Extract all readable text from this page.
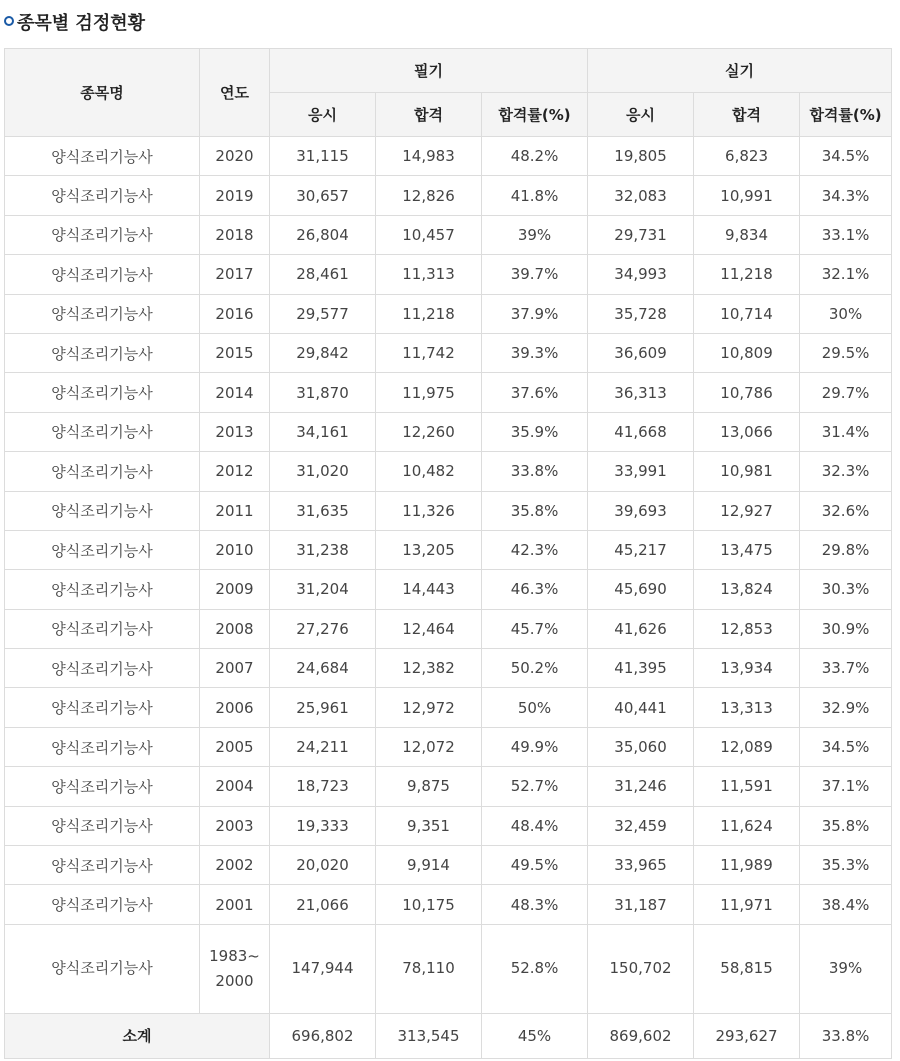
종목별 검정현황
종목명	연도	필기			실기		
		응시	합격	합격률(%)	응시	합격	합격률(%)
양식조리기능사	2020	31,115	14,983	48.2%	19,805	6,823	34.5%
양식조리기능사	2019	30,657	12,826	41.8%	32,083	10,991	34.3%
양식조리기능사	2018	26,804	10,457	39%	29,731	9,834	33.1%
양식조리기능사	2017	28,461	11,313	39.7%	34,993	11,218	32.1%
양식조리기능사	2016	29,577	11,218	37.9%	35,728	10,714	30%
양식조리기능사	2015	29,842	11,742	39.3%	36,609	10,809	29.5%
양식조리기능사	2014	31,870	11,975	37.6%	36,313	10,786	29.7%
양식조리기능사	2013	34,161	12,260	35.9%	41,668	13,066	31.4%
양식조리기능사	2012	31,020	10,482	33.8%	33,991	10,981	32.3%
양식조리기능사	2011	31,635	11,326	35.8%	39,693	12,927	32.6%
양식조리기능사	2010	31,238	13,205	42.3%	45,217	13,475	29.8%
양식조리기능사	2009	31,204	14,443	46.3%	45,690	13,824	30.3%
양식조리기능사	2008	27,276	12,464	45.7%	41,626	12,853	30.9%
양식조리기능사	2007	24,684	12,382	50.2%	41,395	13,934	33.7%
양식조리기능사	2006	25,961	12,972	50%	40,441	13,313	32.9%
양식조리기능사	2005	24,211	12,072	49.9%	35,060	12,089	34.5%
양식조리기능사	2004	18,723	9,875	52.7%	31,246	11,591	37.1%
양식조리기능사	2003	19,333	9,351	48.4%	32,459	11,624	35.8%
양식조리기능사	2002	20,020	9,914	49.5%	33,965	11,989	35.3%
양식조리기능사	2001	21,066	10,175	48.3%	31,187	11,971	38.4%
양식조리기능사	1983~2000	147,944	78,110	52.8%	150,702	58,815	39%
소계		696,802	313,545	45%	869,602	293,627	33.8%
